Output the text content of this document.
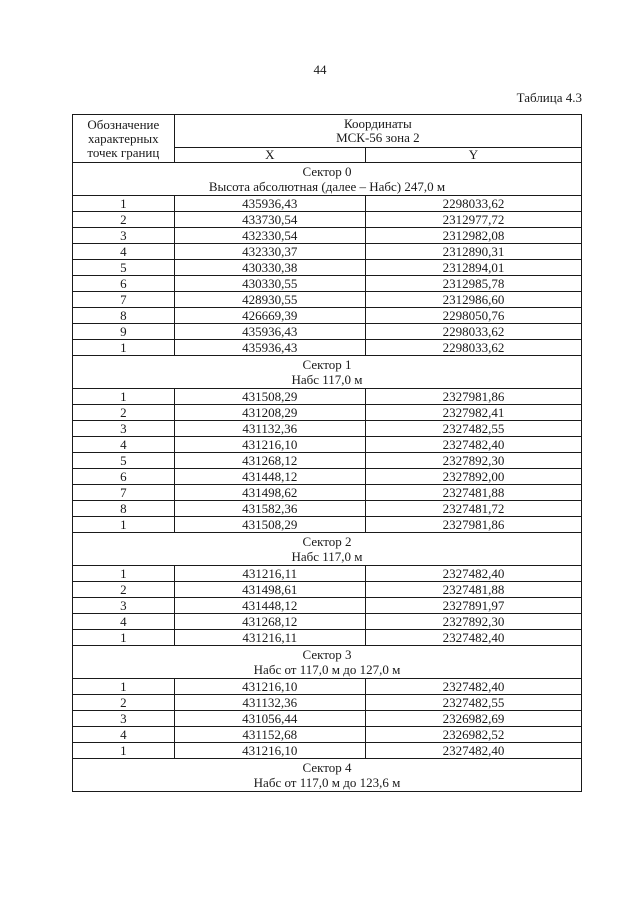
44
Таблица 4.3
Обозначение
характерных
точек границ	Координаты
МСК-56 зона 2	

	X	Y

Сектор 0
Высота абсолютная (далее – Набс) 247,0 м		

1	435936,43	2298033,62
2	433730,54	2312977,72
3	432330,54	2312982,08
4	432330,37	2312890,31
5	430330,38	2312894,01
6	430330,55	2312985,78
7	428930,55	2312986,60
8	426669,39	2298050,76
9	435936,43	2298033,62
1	435936,43	2298033,62

Сектор 1
Набс 117,0 м		

1	431508,29	2327981,86
2	431208,29	2327982,41
3	431132,36	2327482,55
4	431216,10	2327482,40
5	431268,12	2327892,30
6	431448,12	2327892,00
7	431498,62	2327481,88
8	431582,36	2327481,72
1	431508,29	2327981,86

Сектор 2
Набс 117,0 м		

1	431216,11	2327482,40
2	431498,61	2327481,88
3	431448,12	2327891,97
4	431268,12	2327892,30
1	431216,11	2327482,40

Сектор 3
Набс от 117,0 м до 127,0 м		

1	431216,10	2327482,40
2	431132,36	2327482,55
3	431056,44	2326982,69
4	431152,68	2326982,52
1	431216,10	2327482,40

Сектор 4
Набс от 117,0 м до 123,6 м		
